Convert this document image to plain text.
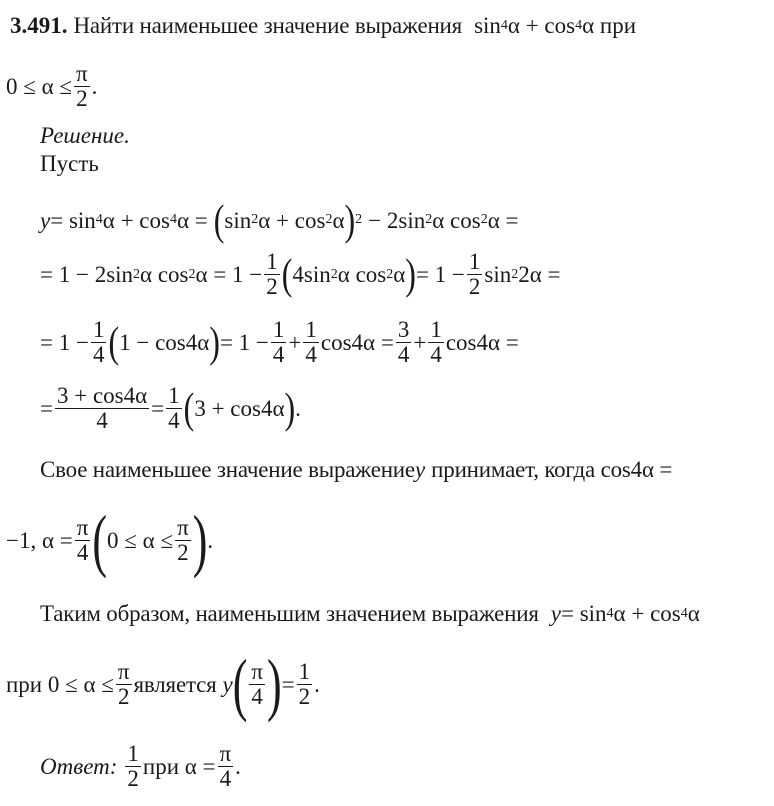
3.491. Найти наименьшее значение выражения sin 4 α + cos 4 α при
$0 \le \alpha \le \frac{\pi}{2}$ .
Решение.
Пусть
y = sin 4 α + cos 4 α = ( sin 2 α + cos 2 α ) 2 − 2sin 2 α cos 2 α =
= 1 − 2sin 2 α cos 2 $\alpha = 1 - \frac{1}{2}$ ( 4sin 2 α cos 2 α ) = $1 - \frac{1}{2}$ sin 2 2α =
= $1 - \frac{1}{4}$ ( 1 − cos4α ) = $1 - \frac{1}{4} + \frac{1}{4} \cos 4\alpha = \frac{3}{4} + \frac{1}{4} \cos 4\alpha$ =
= $\frac{3 + \cos 4\alpha}{4} = \frac{1}{4}$ ( 3 + cos4α ) .
Свое наименьшее значение выражение y принимает, когда cos4α =
−1, $\alpha = \frac{\pi}{4}$ ( $0 \le \alpha \le \frac{\pi}{2}$ ) .
Таким образом, наименьшим значением выражения y = sin 4 α + cos 4 α
при $0 \le \alpha \le \frac{\pi}{2}$ является y ( $\frac{\pi}{4}$ ) = $\frac{1}{2}$ .
Ответ: $\frac{1}{2}$ при $\alpha = \frac{\pi}{4}$ .
